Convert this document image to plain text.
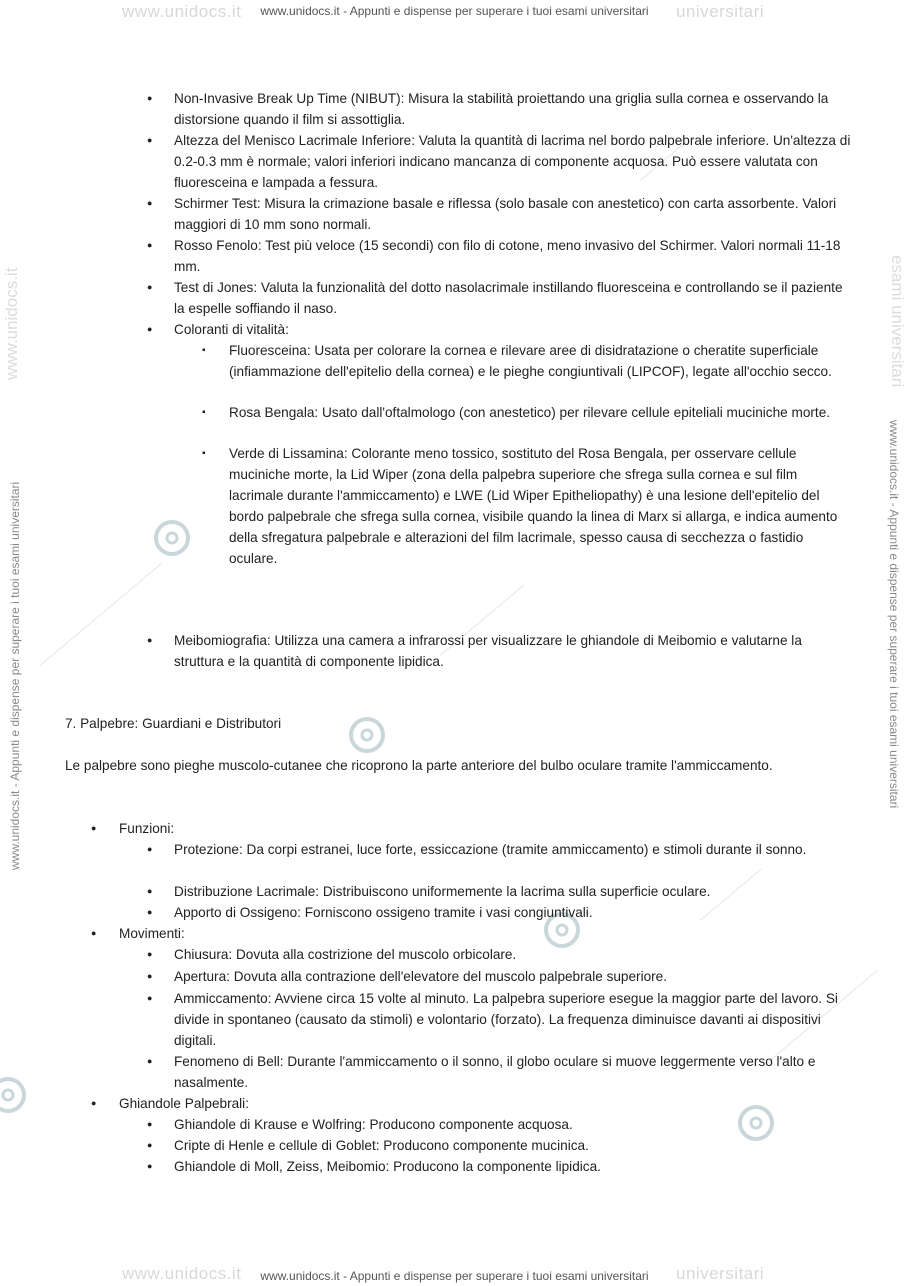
www.unidocs.it	universitari
www.unidocs.it - Appunti e dispense per superare i tuoi esami universitari
www.unidocs.it	universitari
www.unidocs.it - Appunti e dispense per superare i tuoi esami universitari
www.unidocs.it
www.unidocs.it - Appunti e dispense per superare i tuoi esami universitari
esami universitari
www.unidocs.it - Appunti e dispense per superare i tuoi esami universitari
● Non-Invasive Break Up Time (NIBUT): Misura la stabilità proiettando una griglia sulla cornea e osservando la distorsione quando il film si assottiglia.
● Altezza del Menisco Lacrimale Inferiore: Valuta la quantità di lacrima nel bordo palpebrale inferiore. Un'altezza di 0.2-0.3 mm è normale; valori inferiori indicano mancanza di componente acquosa. Può essere valutata con fluoresceina e lampada a fessura.
● Schirmer Test: Misura la crimazione basale e riflessa (solo basale con anestetico) con carta assorbente. Valori maggiori di 10 mm sono normali.
● Rosso Fenolo: Test più veloce (15 secondi) con filo di cotone, meno invasivo del Schirmer. Valori normali 11-18 mm.
● Test di Jones: Valuta la funzionalità del dotto nasolacrimale instillando fluoresceina e controllando se il paziente la espelle soffiando il naso.
● Coloranti di vitalità:
▪ Fluoresceina: Usata per colorare la cornea e rilevare aree di disidratazione o cheratite superficiale (infiammazione dell'epitelio della cornea) e le pieghe congiuntivali (LIPCOF), legate all'occhio secco.
▪ Rosa Bengala: Usato dall'oftalmologo (con anestetico) per rilevare cellule epiteliali muciniche morte.
▪ Verde di Lissamina: Colorante meno tossico, sostituto del Rosa Bengala, per osservare cellule muciniche morte, la Lid Wiper (zona della palpebra superiore che sfrega sulla cornea e sul film lacrimale durante l'ammiccamento) e LWE (Lid Wiper Epitheliopathy) è una lesione dell'epitelio del bordo palpebrale che sfrega sulla cornea, visibile quando la linea di Marx si allarga, e indica aumento della sfregatura palpebrale e alterazioni del film lacrimale, spesso causa di secchezza o fastidio oculare.
● Meibomiografia: Utilizza una camera a infrarossi per visualizzare le ghiandole di Meibomio e valutarne la struttura e la quantità di componente lipidica.
7. Palpebre: Guardiani e Distributori
Le palpebre sono pieghe muscolo-cutanee che ricoprono la parte anteriore del bulbo oculare tramite l'ammiccamento.
● Funzioni:
● Protezione: Da corpi estranei, luce forte, essiccazione (tramite ammiccamento) e stimoli durante il sonno.
● Distribuzione Lacrimale: Distribuiscono uniformemente la lacrima sulla superficie oculare.
● Apporto di Ossigeno: Forniscono ossigeno tramite i vasi congiuntivali.
● Movimenti:
● Chiusura: Dovuta alla costrizione del muscolo orbicolare.
● Apertura: Dovuta alla contrazione dell'elevatore del muscolo palpebrale superiore.
● Ammiccamento: Avviene circa 15 volte al minuto. La palpebra superiore esegue la maggior parte del lavoro. Si divide in spontaneo (causato da stimoli) e volontario (forzato). La frequenza diminuisce davanti ai dispositivi digitali.
● Fenomeno di Bell: Durante l'ammiccamento o il sonno, il globo oculare si muove leggermente verso l'alto e nasalmente.
● Ghiandole Palpebrali:
● Ghiandole di Krause e Wolfring: Producono componente acquosa.
● Cripte di Henle e cellule di Goblet: Producono componente mucinica.
● Ghiandole di Moll, Zeiss, Meibomio: Producono la componente lipidica.
